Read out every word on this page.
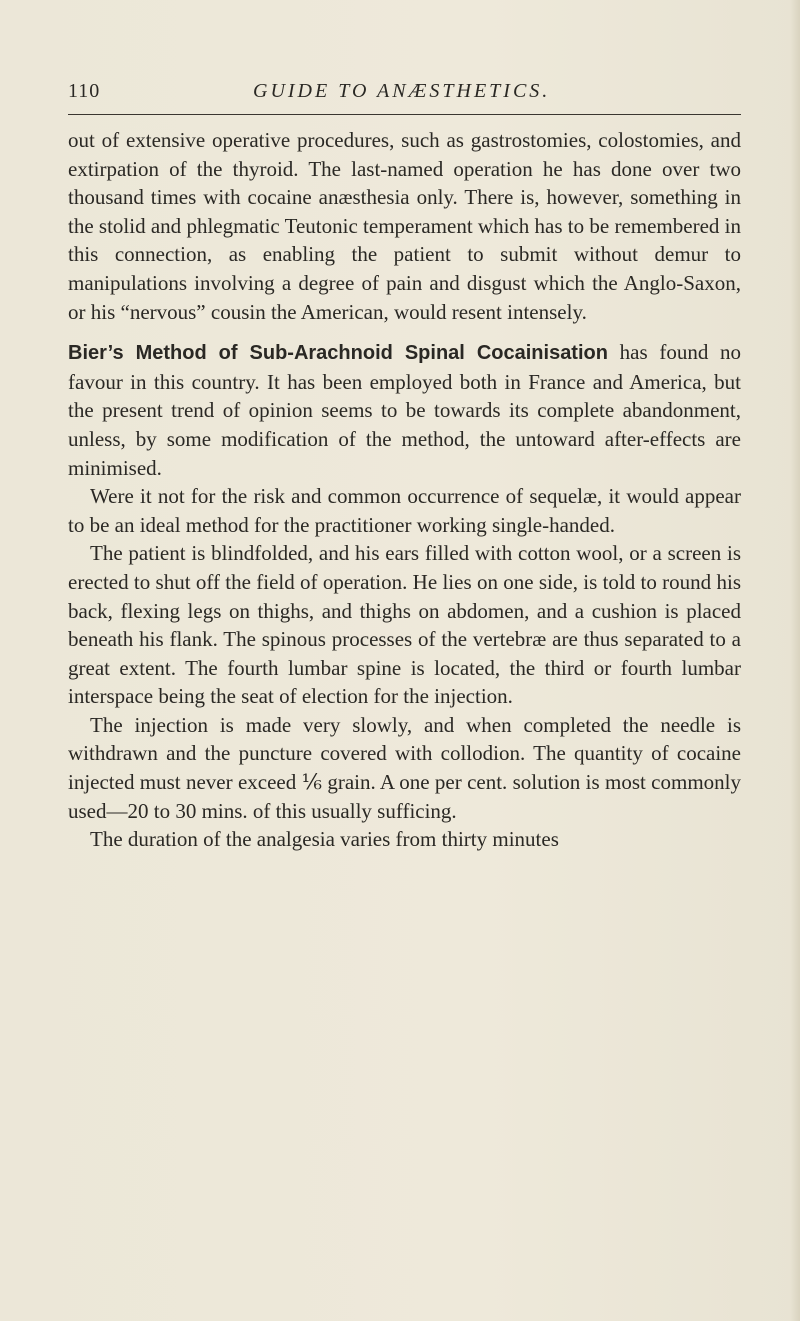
110	GUIDE TO ANÆSTHETICS.

out of extensive operative procedures, such as gastrostomies, colostomies, and extirpation of the thyroid. The last-named operation he has done over two thousand times with cocaine anæsthesia only. There is, however, something in the stolid and phlegmatic Teutonic temperament which has to be remembered in this connection, as enabling the patient to submit without demur to manipulations involving a degree of pain and disgust which the Anglo-Saxon, or his “nervous” cousin the American, would resent intensely.

Bier’s Method of Sub-Arachnoid Spinal Cocainisation has found no favour in this country. It has been employed both in France and America, but the present trend of opinion seems to be towards its complete abandonment, unless, by some modification of the method, the untoward after-effects are minimised.

Were it not for the risk and common occurrence of sequelæ, it would appear to be an ideal method for the practitioner working single-handed.

The patient is blindfolded, and his ears filled with cotton wool, or a screen is erected to shut off the field of operation. He lies on one side, is told to round his back, flexing legs on thighs, and thighs on abdomen, and a cushion is placed beneath his flank. The spinous processes of the vertebræ are thus separated to a great extent. The fourth lumbar spine is located, the third or fourth lumbar interspace being the seat of election for the injection.

The injection is made very slowly, and when completed the needle is withdrawn and the puncture covered with collodion. The quantity of cocaine injected must never exceed ⅙ grain. A one per cent. solution is most commonly used—20 to 30 mins. of this usually sufficing.

The duration of the analgesia varies from thirty minutes
